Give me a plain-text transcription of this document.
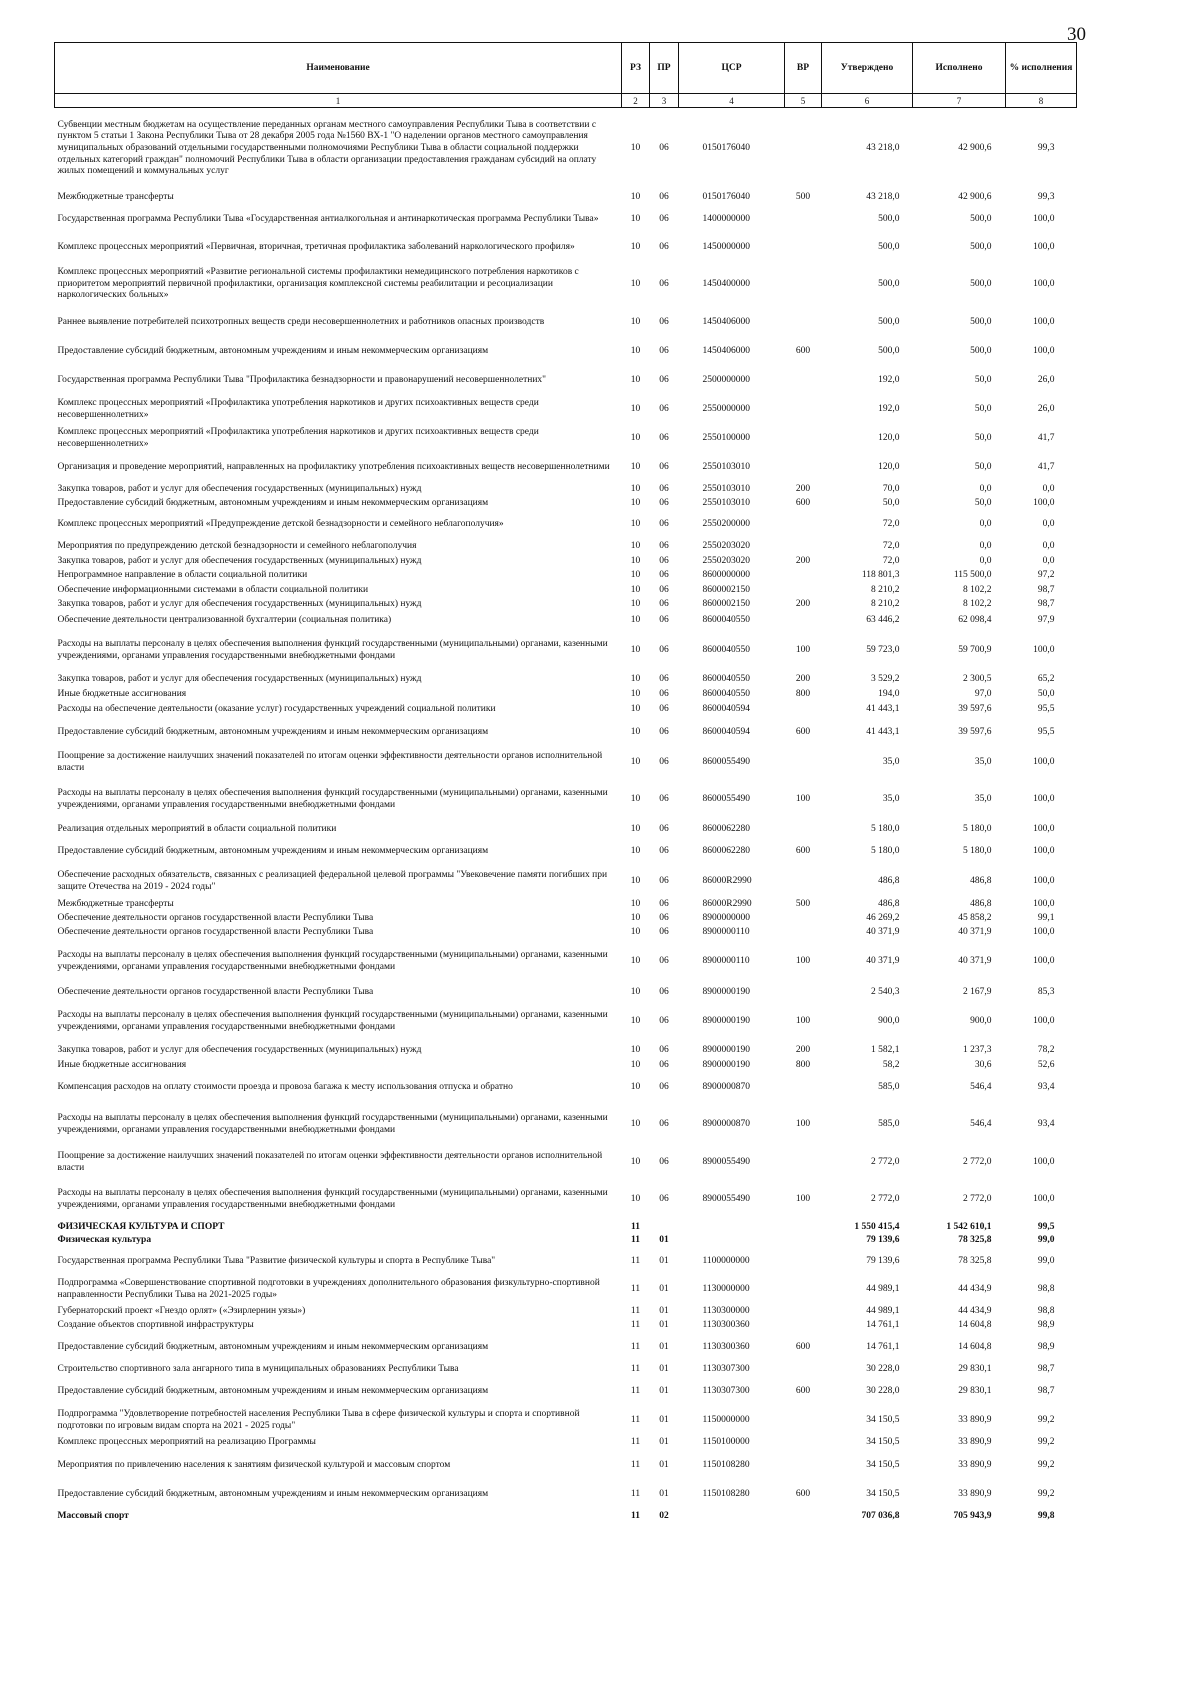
30
Наименование	РЗ	ПР	ЦСР	ВР	Утверждено	Исполнено	% исполнения
1	2	3	4	5	6	7	8
Субвенции местным бюджетам на осуществление переданных органам местного самоуправления Республики Тыва в соответствии с пунктом 5 статьи 1 Закона Республики Тыва от 28 декабря 2005 года №1560 ВХ-1 "О наделении органов местного самоуправления муниципальных образований отдельными государственными полномочиями Республики Тыва в области социальной поддержки отдельных категорий граждан" полномочий Республики Тыва в области организации предоставления гражданам субсидий на оплату жилых помещений и коммунальных услуг	10	06	0150176040		43 218,0	42 900,6	99,3
Межбюджетные трансферты	10	06	0150176040	500	43 218,0	42 900,6	99,3
Государственная программа Республики Тыва «Государственная антиалкогольная и антинаркотическая программа Республики Тыва»	10	06	1400000000		500,0	500,0	100,0
Комплекс процессных мероприятий «Первичная, вторичная, третичная профилактика заболеваний наркологического профиля»	10	06	1450000000		500,0	500,0	100,0
Комплекс процессных мероприятий «Развитие региональной системы профилактики немедицинского потребления наркотиков с приоритетом мероприятий первичной профилактики, организация комплексной системы реабилитации и ресоциализации наркологических больных»	10	06	1450400000		500,0	500,0	100,0
Раннее выявление потребителей психотропных веществ среди несовершеннолетних и работников опасных производств	10	06	1450406000		500,0	500,0	100,0
Предоставление субсидий бюджетным, автономным учреждениям и иным некоммерческим организациям	10	06	1450406000	600	500,0	500,0	100,0
Государственная программа Республики Тыва "Профилактика безнадзорности и правонарушений несовершеннолетних"	10	06	2500000000		192,0	50,0	26,0
Комплекс процессных мероприятий «Профилактика употребления наркотиков и других психоактивных веществ среди несовершеннолетних»	10	06	2550000000		192,0	50,0	26,0
Комплекс процессных мероприятий «Профилактика употребления наркотиков и других психоактивных веществ среди несовершеннолетних»	10	06	2550100000		120,0	50,0	41,7
Организация и проведение мероприятий, направленных на профилактику употребления психоактивных веществ несовершеннолетними	10	06	2550103010		120,0	50,0	41,7
Закупка товаров, работ и услуг для обеспечения государственных (муниципальных) нужд	10	06	2550103010	200	70,0	0,0	0,0
Предоставление субсидий бюджетным, автономным учреждениям и иным некоммерческим организациям	10	06	2550103010	600	50,0	50,0	100,0
Комплекс процессных мероприятий «Предупреждение детской безнадзорности и семейного неблагополучия»	10	06	2550200000		72,0	0,0	0,0
Мероприятия по предупреждению детской безнадзорности и семейного неблагополучия	10	06	2550203020		72,0	0,0	0,0
Закупка товаров, работ и услуг для обеспечения государственных (муниципальных) нужд	10	06	2550203020	200	72,0	0,0	0,0
Непрограммное направление в области социальной политики	10	06	8600000000		118 801,3	115 500,0	97,2
Обеспечение информационными системами в области социальной политики	10	06	8600002150		8 210,2	8 102,2	98,7
Закупка товаров, работ и услуг для обеспечения государственных (муниципальных) нужд	10	06	8600002150	200	8 210,2	8 102,2	98,7
Обеспечение деятельности централизованной бухгалтерии (социальная политика)	10	06	8600040550		63 446,2	62 098,4	97,9
Расходы на выплаты персоналу в целях обеспечения выполнения функций государственными (муниципальными) органами, казенными учреждениями, органами управления государственными внебюджетными фондами	10	06	8600040550	100	59 723,0	59 700,9	100,0
Закупка товаров, работ и услуг для обеспечения государственных (муниципальных) нужд	10	06	8600040550	200	3 529,2	2 300,5	65,2
Иные бюджетные ассигнования	10	06	8600040550	800	194,0	97,0	50,0
Расходы на обеспечение деятельности (оказание услуг) государственных учреждений социальной политики	10	06	8600040594		41 443,1	39 597,6	95,5
Предоставление субсидий бюджетным, автономным учреждениям и иным некоммерческим организациям	10	06	8600040594	600	41 443,1	39 597,6	95,5
Поощрение за достижение наилучших значений показателей по итогам оценки эффективности деятельности органов исполнительной власти	10	06	8600055490		35,0	35,0	100,0
Расходы на выплаты персоналу в целях обеспечения выполнения функций государственными (муниципальными) органами, казенными учреждениями, органами управления государственными внебюджетными фондами	10	06	8600055490	100	35,0	35,0	100,0
Реализация отдельных мероприятий в области социальной политики	10	06	8600062280		5 180,0	5 180,0	100,0
Предоставление субсидий бюджетным, автономным учреждениям и иным некоммерческим организациям	10	06	8600062280	600	5 180,0	5 180,0	100,0
Обеспечение расходных обязательств, связанных с реализацией федеральной целевой программы "Увековечение памяти погибших при защите Отечества на 2019 - 2024 годы"	10	06	86000R2990		486,8	486,8	100,0
Межбюджетные трансферты	10	06	86000R2990	500	486,8	486,8	100,0
Обеспечение деятельности органов государственной власти Республики Тыва	10	06	8900000000		46 269,2	45 858,2	99,1
Обеспечение деятельности органов государственной власти Республики Тыва	10	06	8900000110		40 371,9	40 371,9	100,0
Расходы на выплаты персоналу в целях обеспечения выполнения функций государственными (муниципальными) органами, казенными учреждениями, органами управления государственными внебюджетными фондами	10	06	8900000110	100	40 371,9	40 371,9	100,0
Обеспечение деятельности органов государственной власти Республики Тыва	10	06	8900000190		2 540,3	2 167,9	85,3
Расходы на выплаты персоналу в целях обеспечения выполнения функций государственными (муниципальными) органами, казенными учреждениями, органами управления государственными внебюджетными фондами	10	06	8900000190	100	900,0	900,0	100,0
Закупка товаров, работ и услуг для обеспечения государственных (муниципальных) нужд	10	06	8900000190	200	1 582,1	1 237,3	78,2
Иные бюджетные ассигнования	10	06	8900000190	800	58,2	30,6	52,6
Компенсация расходов на оплату стоимости проезда и провоза багажа к месту использования отпуска и обратно	10	06	8900000870		585,0	546,4	93,4
Расходы на выплаты персоналу в целях обеспечения выполнения функций государственными (муниципальными) органами, казенными учреждениями, органами управления государственными внебюджетными фондами	10	06	8900000870	100	585,0	546,4	93,4
Поощрение за достижение наилучших значений показателей по итогам оценки эффективности деятельности органов исполнительной власти	10	06	8900055490		2 772,0	2 772,0	100,0
Расходы на выплаты персоналу в целях обеспечения выполнения функций государственными (муниципальными) органами, казенными учреждениями, органами управления государственными внебюджетными фондами	10	06	8900055490	100	2 772,0	2 772,0	100,0
ФИЗИЧЕСКАЯ КУЛЬТУРА И СПОРТ	11				1 550 415,4	1 542 610,1	99,5
Физическая культура	11	01			79 139,6	78 325,8	99,0
Государственная программа Республики Тыва "Развитие физической культуры и спорта в Республике Тыва"	11	01	1100000000		79 139,6	78 325,8	99,0
Подпрограмма «Совершенствование спортивной подготовки в учреждениях дополнительного образования физкультурно-спортивной направленности Республики Тыва на 2021-2025 годы»	11	01	1130000000		44 989,1	44 434,9	98,8
Губернаторский проект «Гнездо орлят» («Эзирлернин уязы»)	11	01	1130300000		44 989,1	44 434,9	98,8
Создание объектов спортивной инфраструктуры	11	01	1130300360		14 761,1	14 604,8	98,9
Предоставление субсидий бюджетным, автономным учреждениям и иным некоммерческим организациям	11	01	1130300360	600	14 761,1	14 604,8	98,9
Строительство спортивного зала ангарного типа в муниципальных образованиях Республики Тыва	11	01	1130307300		30 228,0	29 830,1	98,7
Предоставление субсидий бюджетным, автономным учреждениям и иным некоммерческим организациям	11	01	1130307300	600	30 228,0	29 830,1	98,7
Подпрограмма "Удовлетворение потребностей населения Республики Тыва в сфере физической культуры и спорта и спортивной подготовки по игровым видам спорта на 2021 - 2025 годы"	11	01	1150000000		34 150,5	33 890,9	99,2
Комплекс процессных мероприятий на реализацию Программы	11	01	1150100000		34 150,5	33 890,9	99,2
Мероприятия по привлечению населения к занятиям физической культурой и массовым спортом	11	01	1150108280		34 150,5	33 890,9	99,2
Предоставление субсидий бюджетным, автономным учреждениям и иным некоммерческим организациям	11	01	1150108280	600	34 150,5	33 890,9	99,2
Массовый спорт	11	02			707 036,8	705 943,9	99,8
